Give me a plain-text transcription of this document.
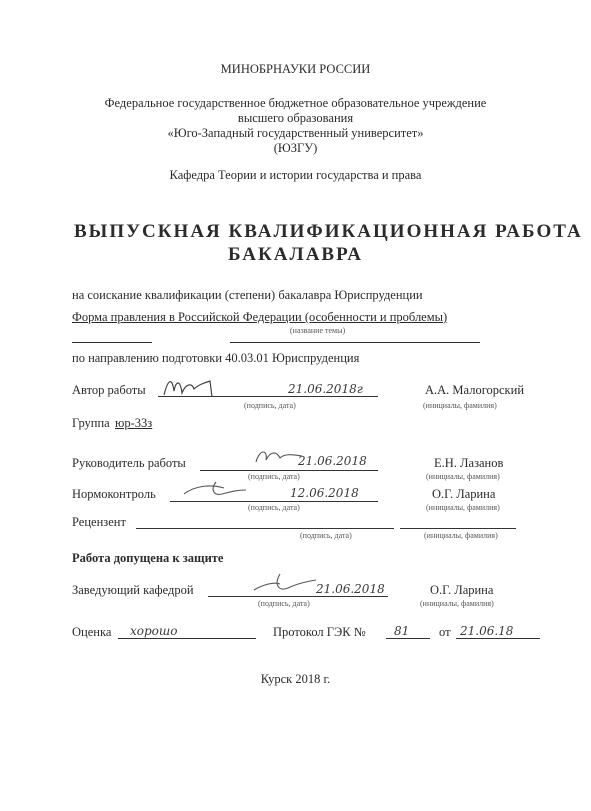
МИНОБРНАУКИ РОССИИ
Федеральное государственное бюджетное образовательное учреждение
высшего образования
«Юго-Западный государственный университет»
(ЮЗГУ)
Кафедра Теории и истории государства и права
ВЫПУСКНАЯ КВАЛИФИКАЦИОННАЯ РАБОТА
БАКАЛАВРА
на соискание квалификации (степени) бакалавра Юриспруденции
Форма правления в Российской Федерации (особенности и проблемы)
(название темы)
по направлению подготовки 40.03.01 Юриспруденция
Автор работы	21.06.2018г
(подпись, дата)
А.А. Малогорский
(инициалы, фамилия)
Группа юр-33з
Руководитель работы	21.06.2018
(подпись, дата)
Е.Н. Лазанов
(инициалы, фамилия)
Нормоконтроль	12.06.2018
(подпись, дата)
О.Г. Ларина
(инициалы, фамилия)
Рецензент
(подпись, дата)	(инициалы, фамилия)
Работа допущена к защите
Заведующий кафедрой	21.06.2018
(подпись, дата)
О.Г. Ларина
(инициалы, фамилия)
Оценка хорошо	Протокол ГЭК № 81 от 21.06.18
Курск 2018 г.
